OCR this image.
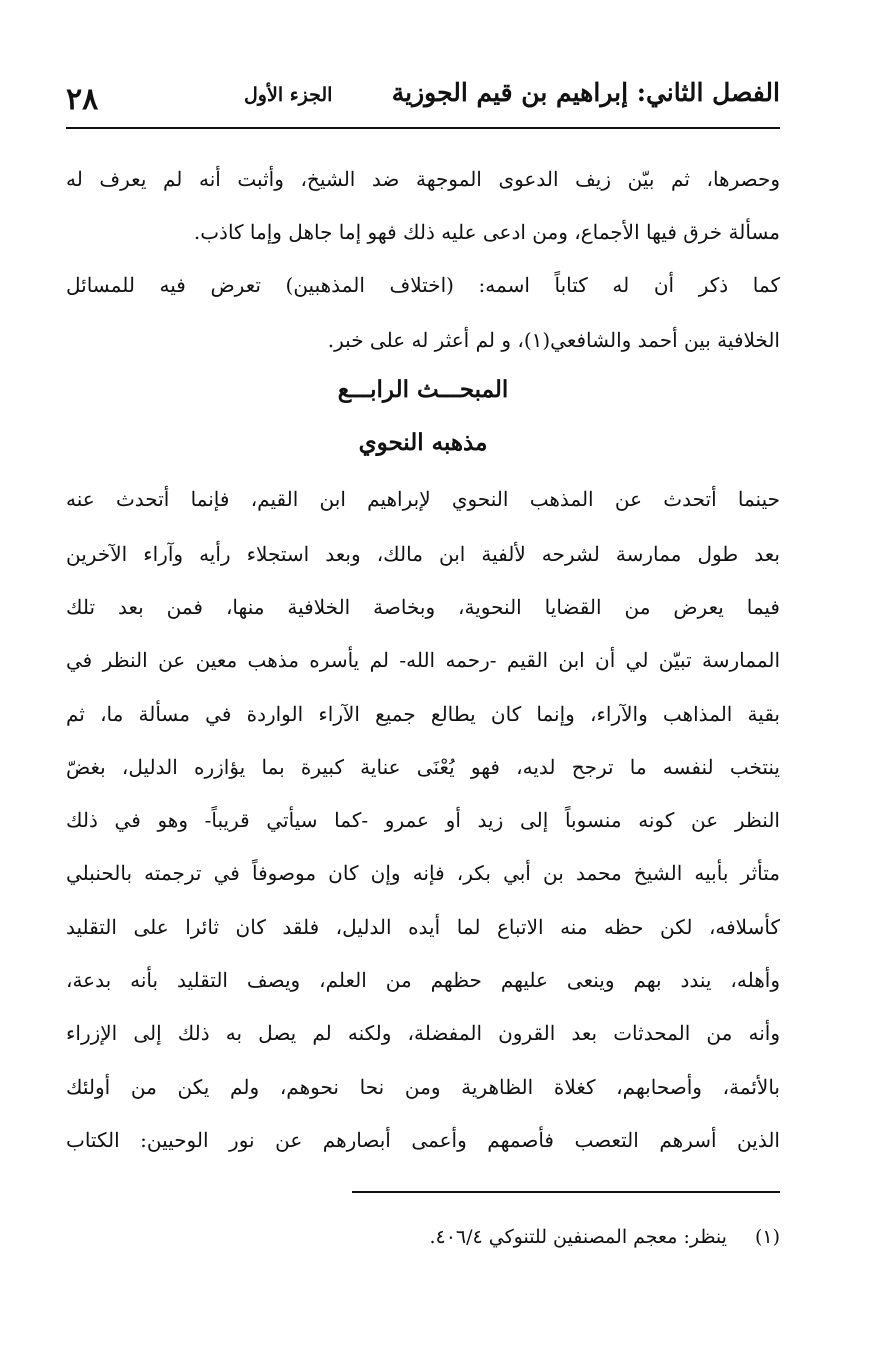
الفصل الثاني: إبراهيم بن قيم الجوزية
الجزء الأول
٢٨
وحصرها، ثم بيّن زيف الدعوى الموجهة ضد الشيخ، وأثبت أنه لم يعرف له
مسألة خرق فيها الأجماع، ومن ادعى عليه ذلك فهو إما جاهل وإما كاذب.
كما ذكر أن له كتاباً اسمه: (اختلاف المذهبين) تعرض فيه للمسائل
الخلافية بين أحمد والشافعي(١)، و لم أعثر له على خبر.
المبحـــث الرابـــع
مذهبه النحوي
حينما أتحدث عن المذهب النحوي لإبراهيم ابن القيم، فإنما أتحدث عنه
بعد طول ممارسة لشرحه لألفية ابن مالك، وبعد استجلاء رأيه وآراء الآخرين
فيما يعرض من القضايا النحوية، وبخاصة الخلافية منها، فمن بعد تلك
الممارسة تبيّن لي أن ابن القيم -رحمه الله- لم يأسره مذهب معين عن النظر في
بقية المذاهب والآراء، وإنما كان يطالع جميع الآراء الواردة في مسألة ما، ثم
ينتخب لنفسه ما ترجح لديه، فهو يُعْنَى عناية كبيرة بما يؤازره الدليل، بغضّ
النظر عن كونه منسوباً إلى زيد أو عمرو -كما سيأتي قريباً- وهو في ذلك
متأثر بأبيه الشيخ محمد بن أبي بكر، فإنه وإن كان موصوفاً في ترجمته بالحنبلي
كأسلافه، لكن حظه منه الاتباع لما أيده الدليل، فلقد كان ثائرا على التقليد
وأهله، يندد بهم وينعى عليهم حظهم من العلم، ويصف التقليد بأنه بدعة،
وأنه من المحدثات بعد القرون المفضلة، ولكنه لم يصل به ذلك إلى الإزراء
بالأئمة، وأصحابهم، كغلاة الظاهرية ومن نحا نحوهم، ولم يكن من أولئك
الذين أسرهم التعصب فأصمهم وأعمى أبصارهم عن نور الوحيين: الكتاب
(١)ينظر: معجم المصنفين للتنوكي ٤٠٦/٤.
